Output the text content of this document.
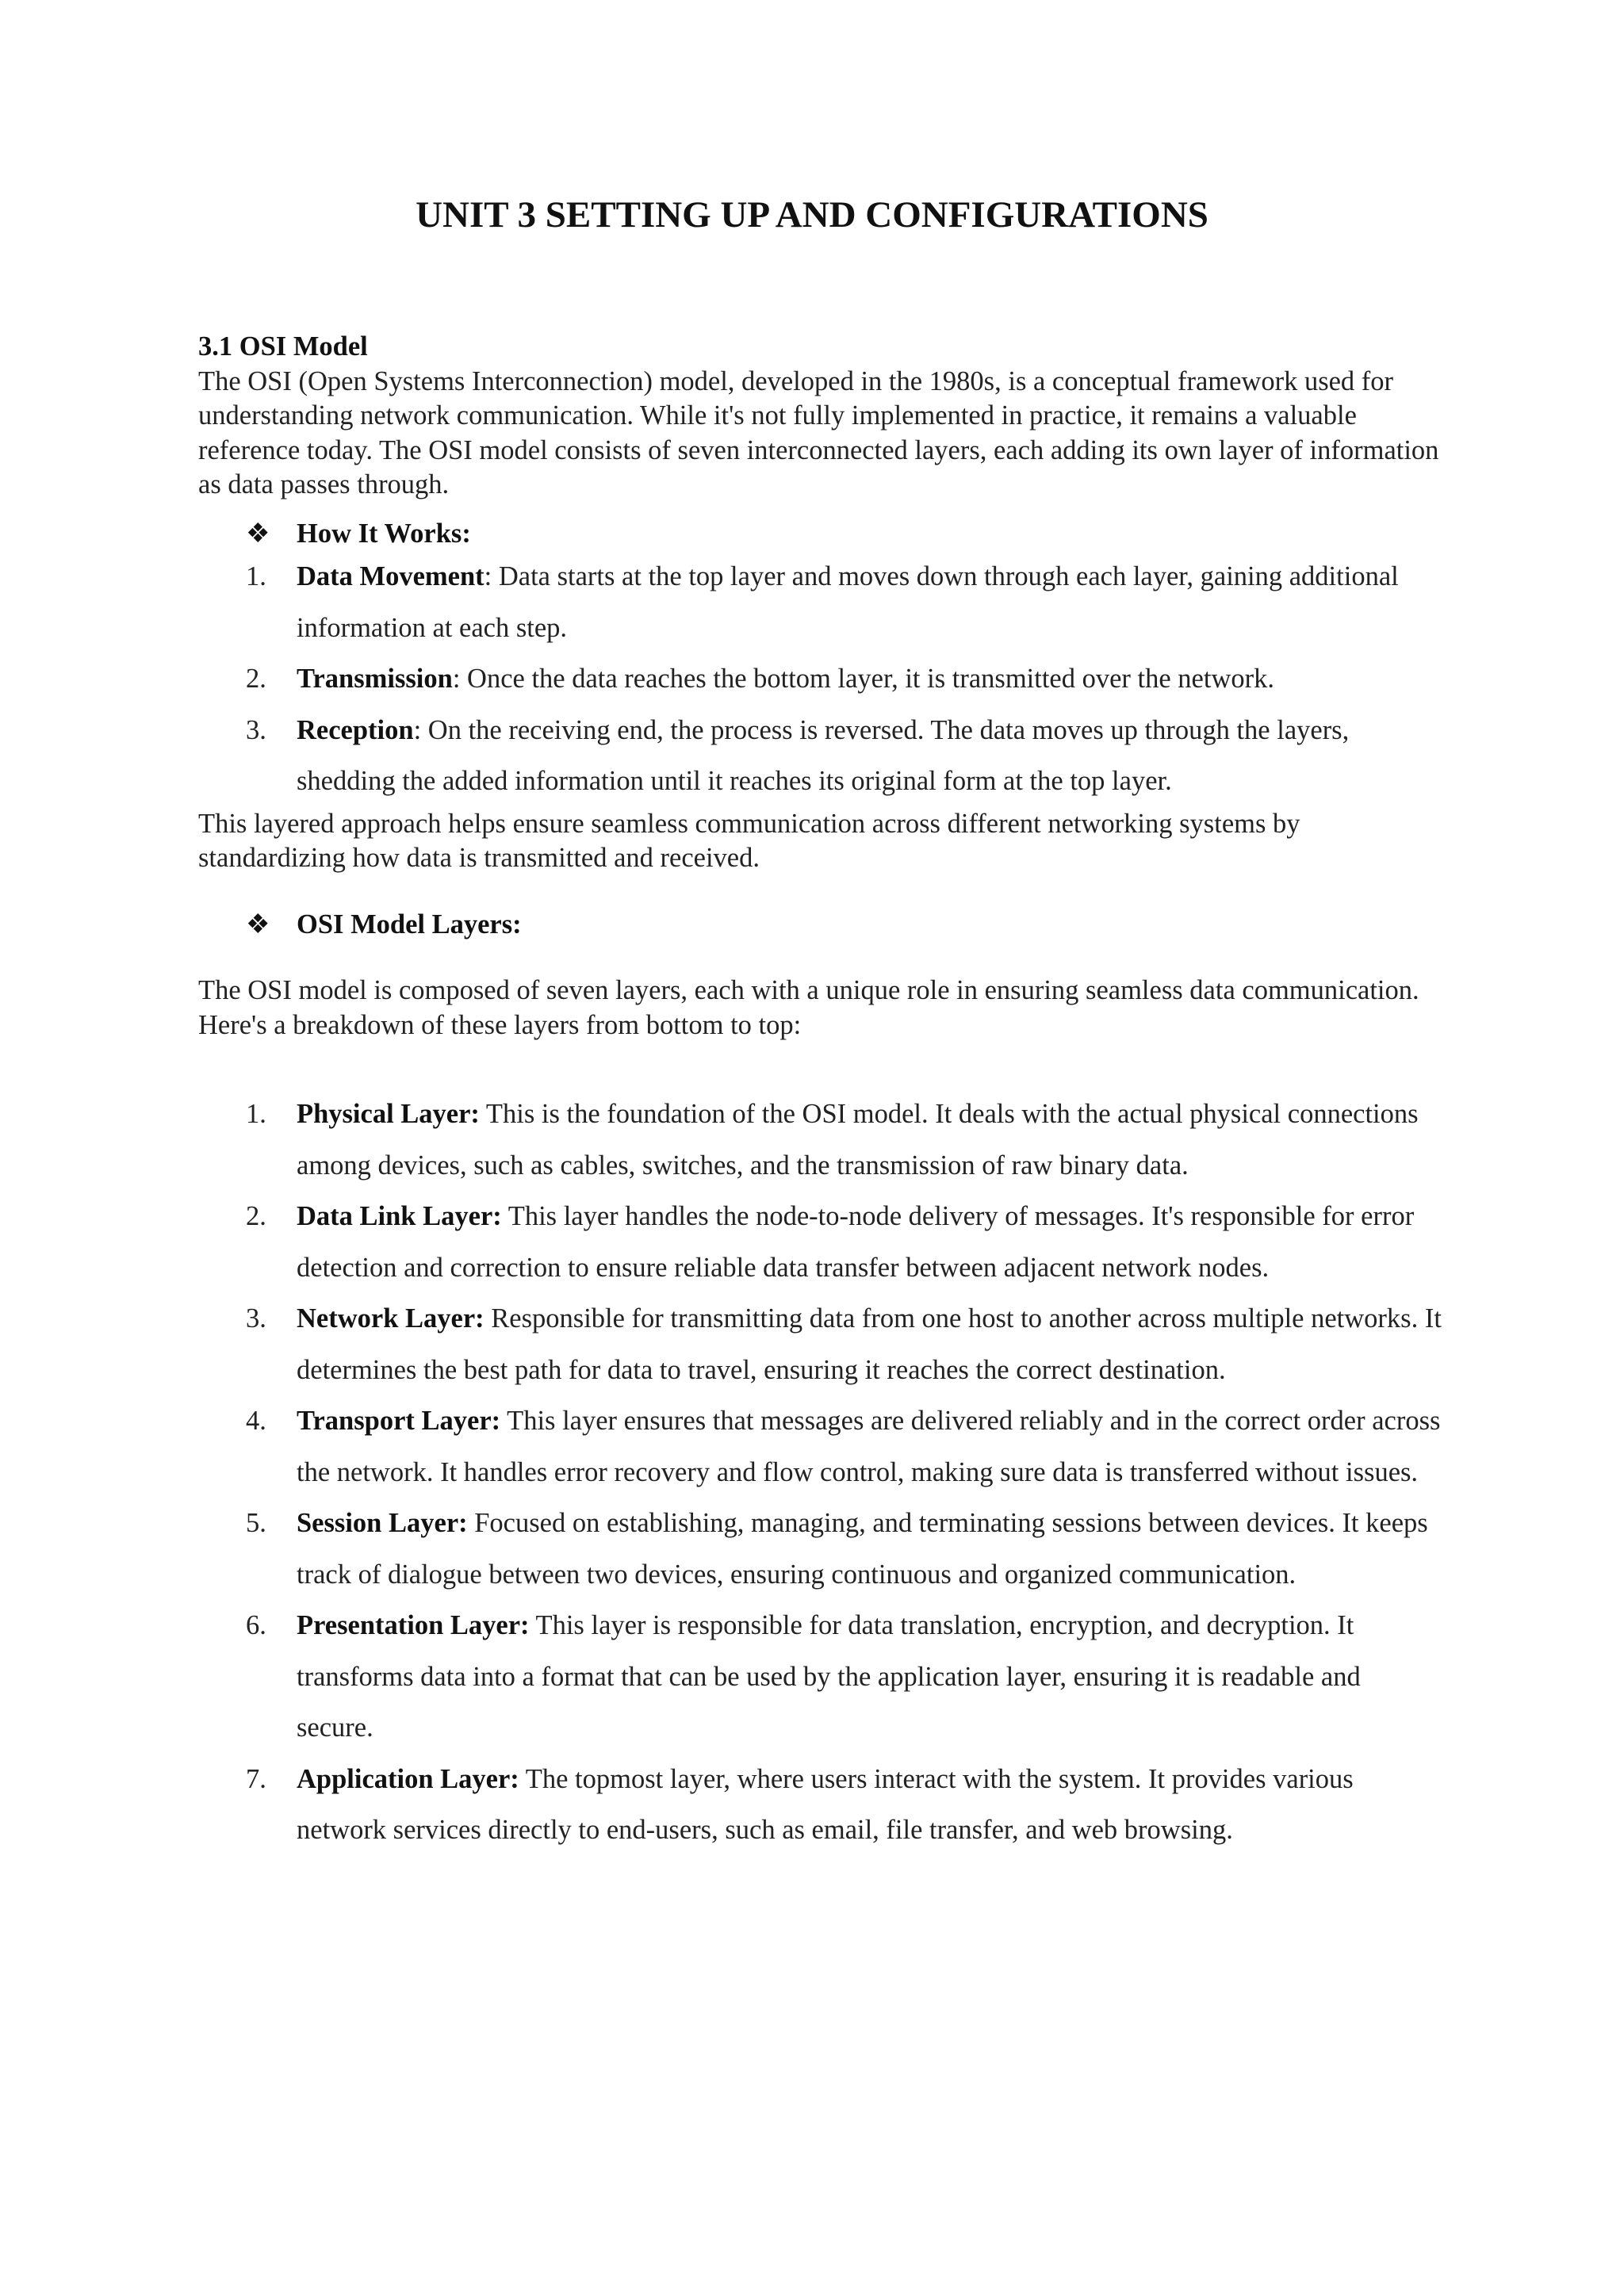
UNIT 3 SETTING UP AND CONFIGURATIONS

3.1 OSI Model

The OSI (Open Systems Interconnection) model, developed in the 1980s, is a conceptual framework used for understanding network communication. While it's not fully implemented in practice, it remains a valuable reference today. The OSI model consists of seven interconnected layers, each adding its own layer of information as data passes through.

❖ How It Works:

1. Data Movement: Data starts at the top layer and moves down through each layer, gaining additional information at each step.
2. Transmission: Once the data reaches the bottom layer, it is transmitted over the network.
3. Reception: On the receiving end, the process is reversed. The data moves up through the layers, shedding the added information until it reaches its original form at the top layer.

This layered approach helps ensure seamless communication across different networking systems by standardizing how data is transmitted and received.

❖ OSI Model Layers:

The OSI model is composed of seven layers, each with a unique role in ensuring seamless data communication. Here's a breakdown of these layers from bottom to top:

1. Physical Layer: This is the foundation of the OSI model. It deals with the actual physical connections among devices, such as cables, switches, and the transmission of raw binary data.
2. Data Link Layer: This layer handles the node-to-node delivery of messages. It's responsible for error detection and correction to ensure reliable data transfer between adjacent network nodes.
3. Network Layer: Responsible for transmitting data from one host to another across multiple networks. It determines the best path for data to travel, ensuring it reaches the correct destination.
4. Transport Layer: This layer ensures that messages are delivered reliably and in the correct order across the network. It handles error recovery and flow control, making sure data is transferred without issues.
5. Session Layer: Focused on establishing, managing, and terminating sessions between devices. It keeps track of dialogue between two devices, ensuring continuous and organized communication.
6. Presentation Layer: This layer is responsible for data translation, encryption, and decryption. It transforms data into a format that can be used by the application layer, ensuring it is readable and secure.
7. Application Layer: The topmost layer, where users interact with the system. It provides various network services directly to end-users, such as email, file transfer, and web browsing.
